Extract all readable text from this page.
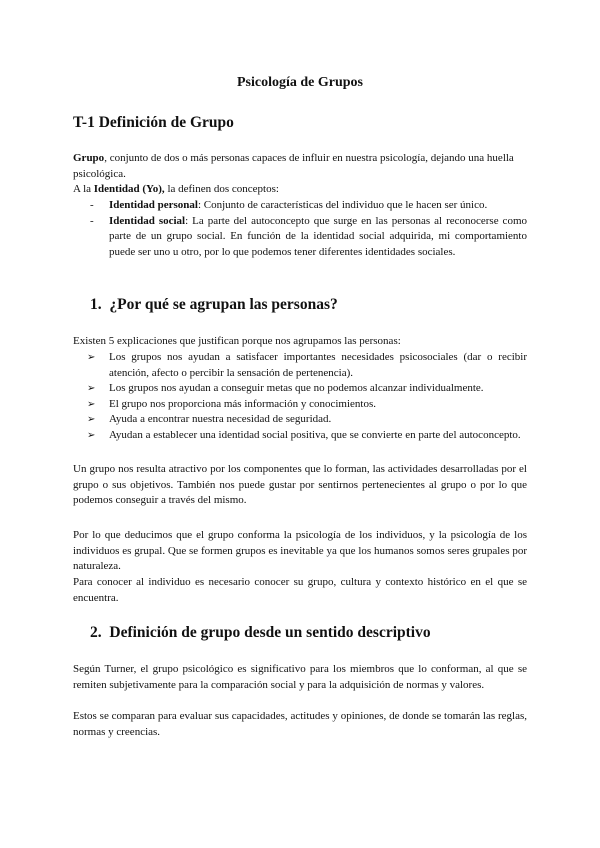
Psicología de Grupos
T-1 Definición de Grupo

Grupo, conjunto de dos o más personas capaces de influir en nuestra psicología, dejando una huella psicológica.

A la Identidad (Yo), la definen dos conceptos:

- Identidad personal: Conjunto de características del individuo que le hacen ser único.
- Identidad social: La parte del autoconcepto que surge en las personas al reconocerse como parte de un grupo social. En función de la identidad social adquirida, mi comportamiento puede ser uno u otro, por lo que podemos tener diferentes identidades sociales.
1. ¿Por qué se agrupan las personas?
Existen 5 explicaciones que justifican porque nos agrupamos las personas:
➢ Los grupos nos ayudan a satisfacer importantes necesidades psicosociales (dar o recibir atención, afecto o percibir la sensación de pertenencia).
➢ Los grupos nos ayudan a conseguir metas que no podemos alcanzar individualmente.
➢ El grupo nos proporciona más información y conocimientos.
➢ Ayuda a encontrar nuestra necesidad de seguridad.
➢ Ayudan a establecer una identidad social positiva, que se convierte en parte del autoconcepto.
Un grupo nos resulta atractivo por los componentes que lo forman, las actividades desarrolladas por el grupo o sus objetivos. También nos puede gustar por sentirnos pertenecientes al grupo o por lo que podemos conseguir a través del mismo.
Por lo que deducimos que el grupo conforma la psicología de los individuos, y la psicología de los individuos es grupal. Que se formen grupos es inevitable ya que los humanos somos seres grupales por naturaleza.
Para conocer al individuo es necesario conocer su grupo, cultura y contexto histórico en el que se encuentra.
2. Definición de grupo desde un sentido descriptivo
Según Turner, el grupo psicológico es significativo para los miembros que lo conforman, al que se remiten subjetivamente para la comparación social y para la adquisición de normas y valores.
Estos se comparan para evaluar sus capacidades, actitudes y opiniones, de donde se tomarán las reglas, normas y creencias.
